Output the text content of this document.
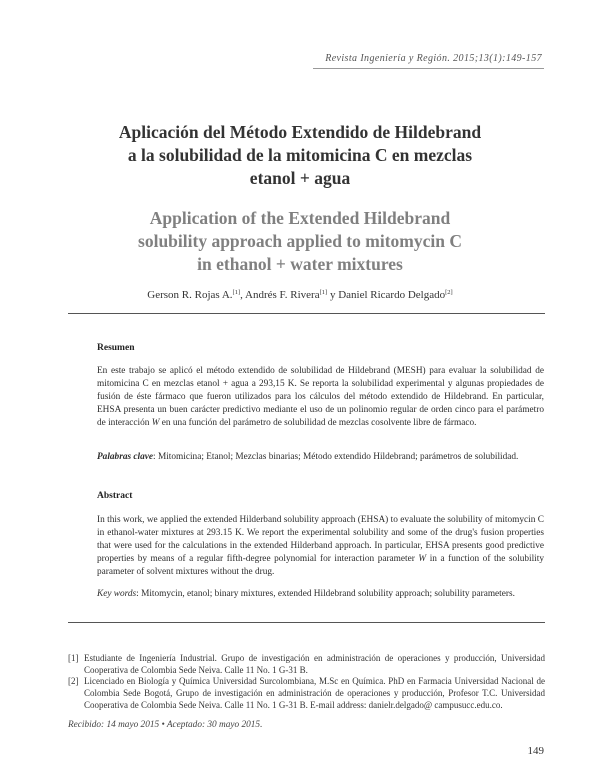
Revista Ingeniería y Región. 2015;13(1):149-157
Aplicación del Método Extendido de Hildebrand
a la solubilidad de la mitomicina C en mezclas
etanol + agua
Application of the Extended Hildebrand
solubility approach applied to mitomycin C
in ethanol + water mixtures
Gerson R. Rojas A.[1], Andrés F. Rivera[1] y Daniel Ricardo Delgado[2]
Resumen
En este trabajo se aplicó el método extendido de solubilidad de Hildebrand (MESH) para evaluar la solubilidad de mitomicina C en mezclas etanol + agua a 293,15 K. Se reporta la solubilidad experimental y algunas propiedades de fusión de éste fármaco que fueron utilizados para los cálculos del método extendido de Hildebrand. En particular, EHSA presenta un buen carácter predictivo mediante el uso de un polinomio regular de orden cinco para el parámetro de interacción W en una función del parámetro de solubilidad de mezclas cosolvente libre de fármaco.
Palabras clave: Mitomicina; Etanol; Mezclas binarias; Método extendido Hildebrand; parámetros de solubilidad.
Abstract
In this work, we applied the extended Hilderband solubility approach (EHSA) to evaluate the solubility of mitomycin C in ethanol-water mixtures at 293.15 K. We report the experimental solubility and some of the drug's fusion properties that were used for the calculations in the extended Hilderband approach. In particular, EHSA presents good predictive properties by means of a regular fifth-degree polynomial for interaction parameter W in a function of the solubility parameter of solvent mixtures without the drug.
Key words: Mitomycin, etanol; binary mixtures, extended Hildebrand solubility approach; solubility parameters.
[1] Estudiante de Ingeniería Industrial. Grupo de investigación en administración de operaciones y producción, Universidad Cooperativa de Colombia Sede Neiva. Calle 11 No. 1 G-31 B.
[2] Licenciado en Biología y Química Universidad Surcolombiana, M.Sc en Química. PhD en Farmacia Universidad Nacional de Colombia Sede Bogotá, Grupo de investigación en administración de operaciones y producción, Profesor T.C. Universidad Cooperativa de Colombia Sede Neiva. Calle 11 No. 1 G-31 B. E-mail address: danielr.delgado@ campusucc.edu.co.
Recibido: 14 mayo 2015 • Aceptado: 30 mayo 2015.
149
